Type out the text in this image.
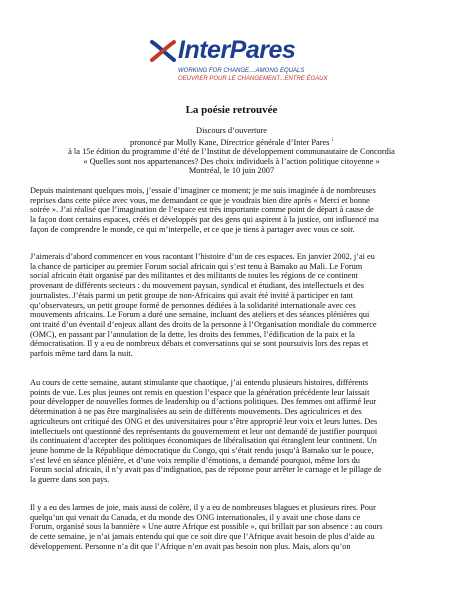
InterPares
WORKING FOR CHANGE....AMONG EQUALS
OEUVRER POUR LE CHANGEMENT...ENTRE ÉGAUX
La poésie retrouvée
Discours d’ouverture
prononcé par Molly Kane, Directrice générale d’Inter Pares $^i$
à la 15e édition du programme d’été de l’Institut de développement communautaire de Concordia
« Quelles sont nos appartenances? Des choix individuels à l’action politique citoyenne »
Montréal, le 10 juin 2007

Depuis maintenant quelques mois, j’essaie d’imaginer ce moment; je me suis imaginée à de nombreuses
reprises dans cette pièce avec vous, me demandant ce que je voudrais bien dire après « Merci et bonne
soirée ». J’ai réalisé que l’imagination de l’espace est très importante comme point de départ à cause de
la façon dont certains espaces, créés et développés par des gens qui aspirent à la justice, ont influencé ma
façon de comprendre le monde, ce qui m’interpelle, et ce que je tiens à partager avec vous ce soir.

J’aimerais d’abord commencer en vous racontant l’histoire d’un de ces espaces. En janvier 2002, j’ai eu
la chance de participer au premier Forum social africain qui s’est tenu à Bamako au Mali. Le Forum
social africain était organisé par des militantes et des militants de toutes les régions de ce continent
provenant de différents secteurs : du mouvement paysan, syndical et étudiant, des intellectuels et des
journalistes. J’étais parmi un petit groupe de non-Africains qui avait été invité à participer en tant
qu’observateurs, un petit groupe formé de personnes dédiées à la solidarité internationale avec ces
mouvements africains. Le Forum a duré une semaine, incluant des ateliers et des séances plénières qui
ont traité d’un éventail d’enjeux allant des droits de la personne à l’Organisation mondiale du commerce
(OMC), en passant par l’annulation de la dette, les droits des femmes, l’édification de la paix et la
démocratisation. Il y a eu de nombreux débats et conversations qui se sont poursuivis lors des repas et
parfois même tard dans la nuit.

Au cours de cette semaine, autant stimulante que chaotique, j’ai entendu plusieurs histoires, différents
points de vue. Les plus jeunes ont remis en question l’espace que la génération précédente leur laissait
pour développer de nouvelles formes de leadership ou d’actions politiques. Des femmes ont affirmé leur
détermination à ne pas être marginalisées au sein de différents mouvements. Des agricultrices et des
agriculteurs ont critiqué des ONG et des universitaires pour s’être approprié leur voix et leurs luttes. Des
intellectuels ont questionné des représentants du gouvernement et leur ont demandé de justifier pourquoi
ils continuaient d’accepter des politiques économiques de libéralisation qui étranglent leur continent. Un
jeune homme de la République démocratique du Congo, qui s’était rendu jusqu’à Bamako sur le pouce,
s’est levé en séance plénière, et d’une voix remplie d’émotions, a demandé pourquoi, même lors du
Forum social africain, il n’y avait pas d’indignation, pas de réponse pour arrêter le carnage et le pillage de
la guerre dans son pays.

Il y a eu des larmes de joie, mais aussi de colère, il y a eu de nombreuses blagues et plusieurs rires. Pour
quelqu’un qui venait du Canada, et du monde des ONG internationales, il y avait une chose dans ce
Forum, organisé sous la bannière « Une autre Afrique est possible », qui brillait par son absence : au cours
de cette semaine, je n’ai jamais entendu qui que ce soit dire que l’Afrique avait besoin de plus d’aide au
développement. Personne n’a dit que l’Afrique n’en avait pas besoin non plus. Mais, alors qu’on
